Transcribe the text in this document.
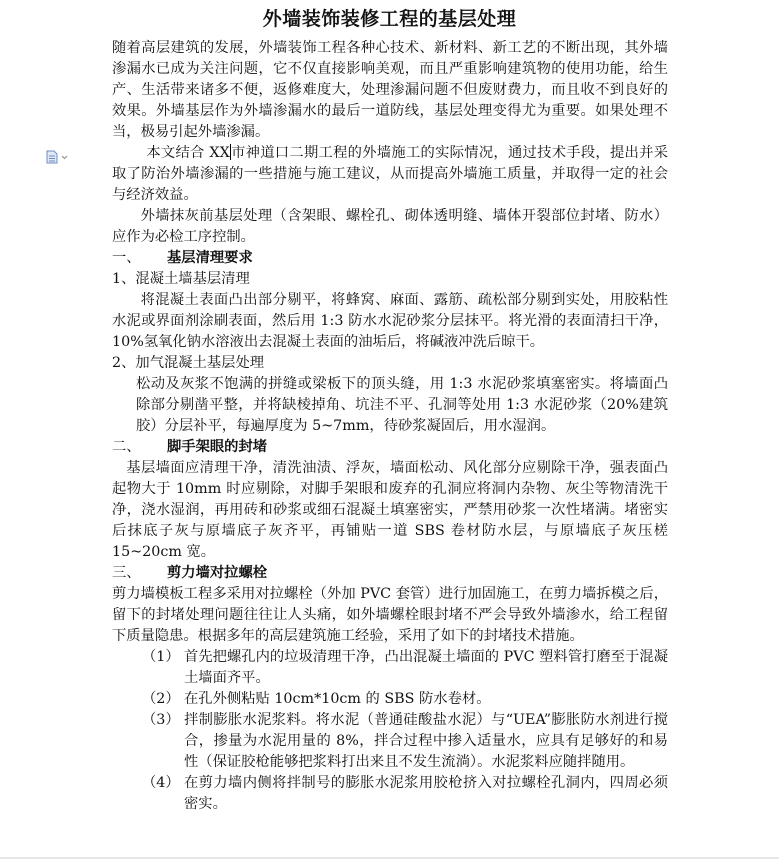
外墙装饰装修工程的基层处理

随着高层建筑的发展，外墙装饰工程各种心技术、新材料、新工艺的不断出现，其外墙渗漏水已成为关注问题，它不仅直接影响美观，而且严重影响建筑物的使用功能，给生产、生活带来诸多不便，返修难度大，处理渗漏问题不但废财费力，而且收不到良好的效果。外墙基层作为外墙渗漏水的最后一道防线，基层处理变得尤为重要。如果处理不当，极易引起外墙渗漏。

本文结合 XX市神道口二期工程的外墙施工的实际情况，通过技术手段，提出并采取了防治外墙渗漏的一些措施与施工建议，从而提高外墙施工质量，并取得一定的社会与经济效益。

外墙抹灰前基层处理（含架眼、螺栓孔、砌体透明缝、墙体开裂部位封堵、防水）应作为必检工序控制。

一、 基层清理要求

1、混凝土墙基层清理

将混凝土表面凸出部分剔平，将蜂窝、麻面、露筋、疏松部分剔到实处，用胶粘性水泥或界面剂涂刷表面，然后用 1:3 防水水泥砂浆分层抹平。将光滑的表面清扫干净，10%氢氧化钠水溶液出去混凝土表面的油垢后，将碱液冲洗后晾干。

2、加气混凝土基层处理

松动及灰浆不饱满的拼缝或梁板下的顶头缝，用 1:3 水泥砂浆填塞密实。将墙面凸除部分剔凿平整，并将缺棱掉角、坑洼不平、孔洞等处用 1:3 水泥砂浆（20%建筑胶）分层补平，每遍厚度为 5~7mm，待砂浆凝固后，用水湿润。

二、 脚手架眼的封堵

基层墙面应清理干净，清洗油渍、浮灰，墙面松动、风化部分应剔除干净，强表面凸起物大于 10mm 时应剔除，对脚手架眼和废弃的孔洞应将洞内杂物、灰尘等物清洗干净，浇水湿润，再用砖和砂浆或细石混凝土填塞密实，严禁用砂浆一次性堵满。堵密实后抹底子灰与原墙底子灰齐平，再铺贴一道 SBS 卷材防水层，与原墙底子灰压槎 15~20cm 宽。

三、 剪力墙对拉螺栓

剪力墙模板工程多采用对拉螺栓（外加 PVC 套管）进行加固施工，在剪力墙拆模之后，留下的封堵处理问题往往让人头痛，如外墙螺栓眼封堵不严会导致外墙渗水，给工程留下质量隐患。根据多年的高层建筑施工经验，采用了如下的封堵技术措施。

（1） 首先把螺孔内的垃圾清理干净，凸出混凝土墙面的 PVC 塑料管打磨至于混凝土墙面齐平。

（2） 在孔外侧粘贴 10cm*10cm 的 SBS 防水卷材。

（3） 拌制膨胀水泥浆料。将水泥（普通硅酸盐水泥）与“UEA”膨胀防水剂进行搅合，掺量为水泥用量的 8%，拌合过程中掺入适量水，应具有足够好的和易性（保证胶枪能够把浆料打出来且不发生流淌）。水泥浆料应随拌随用。

（4） 在剪力墙内侧将拌制号的膨胀水泥浆用胶枪挤入对拉螺栓孔洞内，四周必须密实。
